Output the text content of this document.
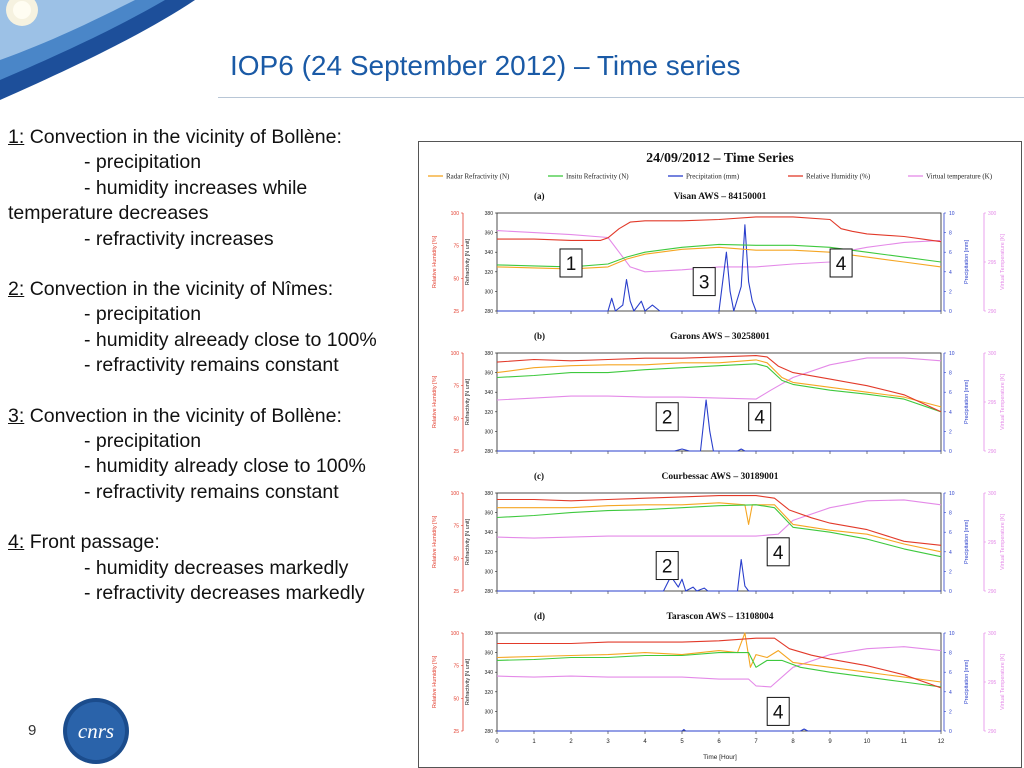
IOP6 (24 September 2012) – Time series
1: Convection in the vicinity of Bollène:
- precipitation
- humidity increases while temperature decreases
- refractivity increases
2: Convection in the vicinity of Nîmes:
- precipitation
- humidity alreeady close to 100%
- refractivity remains constant
3: Convection in the vicinity of Bollène:
- precipitation
- humidity already close to 100%
- refractivity remains constant
4: Front passage:
- humidity decreases markedly
- refractivity decreases markedly
9 cnrs
24/09/2012 – Time Series
Radar Refractivity (N)	Insitu Refractivity (N)	Precipitation (mm)	Relative Humidity (%)	Virtual temperature (K)
(a)	Visan AWS – 84150001
25
50
75
100
Relative Humidity [%]
280
300
320
340
360
380
Refractivity [N unit]
0
2
4
6
8
10
Precipitation [mm]
290
295
300
Virtual Temperature [K]
1
3
4
(b)	Garons AWS – 30258001
25
50
75
100
Relative Humidity [%]
280
300
320
340
360
380
Refractivity [N unit]
0
2
4
6
8
10
Precipitation [mm]
290
295
300
Virtual Temperature [K]
2	4
(c)	Courbessac AWS – 30189001
25
50
75
100
Relative Humidity [%]
280
300
320
340
360
380
Refractivity [N unit]
0
2
4
6
8
10
Precipitation [mm]
290
295
300
Virtual Temperature [K]
2
4
(d)	Tarascon AWS – 13108004
25
50
75
100
Relative Humidity [%]
280
300
320
340
360
380
Refractivity [N unit]
0
2
4
6
8
10
Precipitation [mm]
290
295
300
Virtual Temperature [K]
0	1	2	3	4	5	6	7	8	9	10	11	12
4
Time [Hour]
